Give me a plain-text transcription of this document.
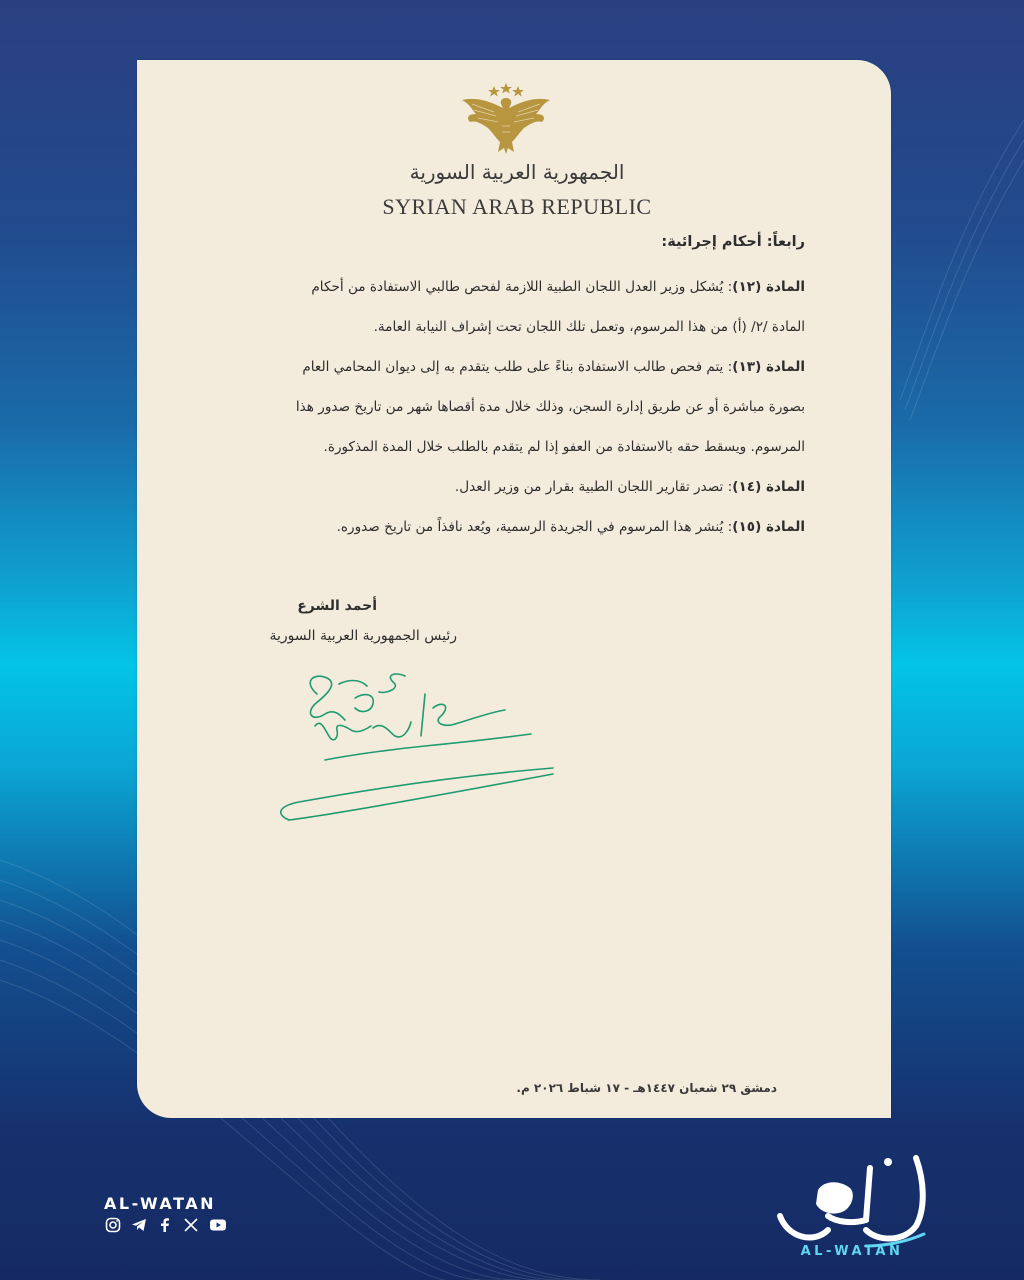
الجمهورية العربية السورية
SYRIAN ARAB REPUBLIC
رابعاً: أحكام إجرائية:
المادة (١٢): يُشكل وزير العدل اللجان الطبية اللازمة لفحص طالبي الاستفادة من أحكام
المادة /٢/ (أ) من هذا المرسوم، وتعمل تلك اللجان تحت إشراف النيابة العامة.
المادة (١٣): يتم فحص طالب الاستفادة بناءً على طلب يتقدم به إلى ديوان المحامي العام
بصورة مباشرة أو عن طريق إدارة السجن، وذلك خلال مدة أقصاها شهر من تاريخ صدور هذا
المرسوم. ويسقط حقه بالاستفادة من العفو إذا لم يتقدم بالطلب خلال المدة المذكورة.
المادة (١٤): تصدر تقارير اللجان الطبية بقرار من وزير العدل.
المادة (١٥): يُنشر هذا المرسوم في الجريدة الرسمية، ويُعد نافذاً من تاريخ صدوره.
أحمد الشرع
رئيس الجمهورية العربية السورية
دمشق ٢٩ شعبان ١٤٤٧هـ - ١٧ شباط ٢٠٢٦ م.
AL-WATAN
AL-WATAN
